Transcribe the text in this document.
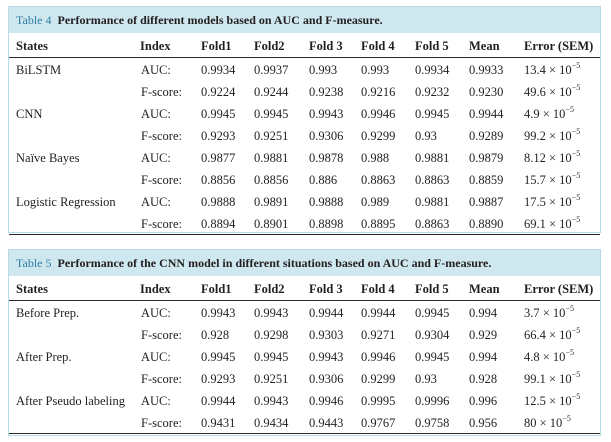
Table 4 Performance of different models based on AUC and F-measure.
States	Index Fold1 Fold2 Fold 3 Fold 4 Fold 5 Mean Error (SEM)
BiLSTM	AUC: 0.9934 0.9937 0.993 0.993 0.9934 0.9933 $13.4 \times 10^{-5}$
F-score: 0.9224 0.9244 0.9238 0.9216 0.9232 0.9230 $49.6 \times 10^{-5}$
CNN	AUC: 0.9945 0.9945 0.9943 0.9946 0.9945 0.9944 $4.9 \times 10^{-5}$
F-score: 0.9293 0.9251 0.9306 0.9299 0.93	0.9289 $99.2 \times 10^{-5}$
Naïve Bayes	AUC: 0.9877 0.9881 0.9878 0.988 0.9881 0.9879 $8.12 \times 10^{-5}$
F-score: 0.8856 0.8856 0.886 0.8863 0.8863 0.8859 $15.7 \times 10^{-5}$
Logistic Regression AUC: 0.9888 0.9891 0.9888 0.989 0.9881 0.9887 $17.5 \times 10^{-5}$
F-score: 0.8894 0.8901 0.8898 0.8895 0.8863 0.8890 $69.1 \times 10^{-5}$
Table 5 Performance of the CNN model in different situations based on AUC and F-measure.
States	Index Fold1 Fold2 Fold 3 Fold 4 Fold 5 Mean Error (SEM)
Before Prep.	AUC: 0.9943 0.9943 0.9944 0.9944 0.9945 0.994 $3.7 \times 10^{-5}$
F-score: 0.928 0.9298 0.9303 0.9271 0.9304 0.929 $66.4 \times 10^{-5}$
After Prep.	AUC: 0.9945 0.9945 0.9943 0.9946 0.9945 0.994 $4.8 \times 10^{-5}$
F-score: 0.9293 0.9251 0.9306 0.9299 0.93	0.928 $99.1 \times 10^{-5}$
After Pseudo labeling AUC: 0.9944 0.9943 0.9946 0.9995 0.9996 0.996 $12.5 \times 10^{-5}$
F-score: 0.9431 0.9434 0.9443 0.9767 0.9758 0.956 $80 \times 10^{-5}$
